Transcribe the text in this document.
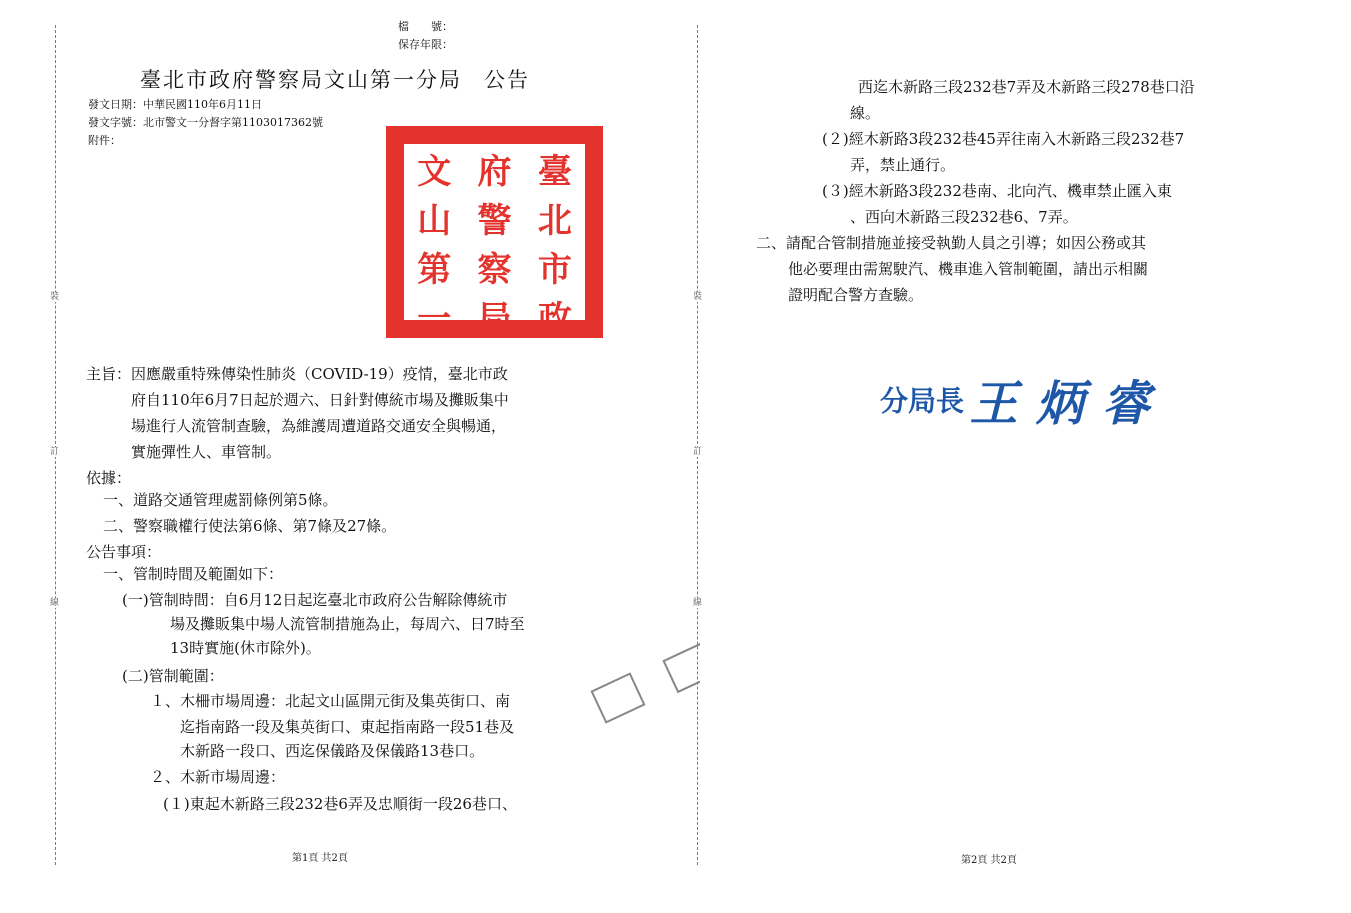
裝
訂
線
檔　　號：
保存年限：
臺北市政府警察局文山第一分局 公告
發文日期：中華民國110年6月11日
發文字號：北市警文一分督字第1103017362號
附件：
臺
北
市
政
府
警
察
局
文
山
第
一
主旨：因應嚴重特殊傳染性肺炎（COVID-19）疫情，臺北市政
府自110年6月7日起於週六、日針對傳統市場及攤販集中
場進行人流管制查驗，為維護周遭道路交通安全與暢通，
實施彈性人、車管制。
依據：
一、道路交通管理處罰條例第5條。
二、警察職權行使法第6條、第7條及27條。
公告事項：
一、管制時間及範圍如下：
(一)管制時間：自6月12日起迄臺北市政府公告解除傳統市
場及攤販集中場人流管制措施為止，每周六、日7時至
13時實施(休市除外)。
(二)管制範圍：
１、木柵市場周邊：北起文山區開元街及集英街口、南
迄指南路一段及集英街口、東起指南路一段51巷及
木新路一段口、西迄保儀路及保儀路13巷口。
２、木新市場周邊：
(１)東起木新路三段232巷6弄及忠順街一段26巷口、
第1頁 共2頁
裝
訂
線
西迄木新路三段232巷7弄及木新路三段278巷口沿
線。
(２)經木新路3段232巷45弄往南入木新路三段232巷7
弄，禁止通行。
(３)經木新路3段232巷南、北向汽、機車禁止匯入東
、西向木新路三段232巷6、7弄。
二、請配合管制措施並接受執勤人員之引導；如因公務或其
他必要理由需駕駛汽、機車進入管制範圍，請出示相關
證明配合警方查驗。
第2頁 共2頁
分局長 王炳睿
